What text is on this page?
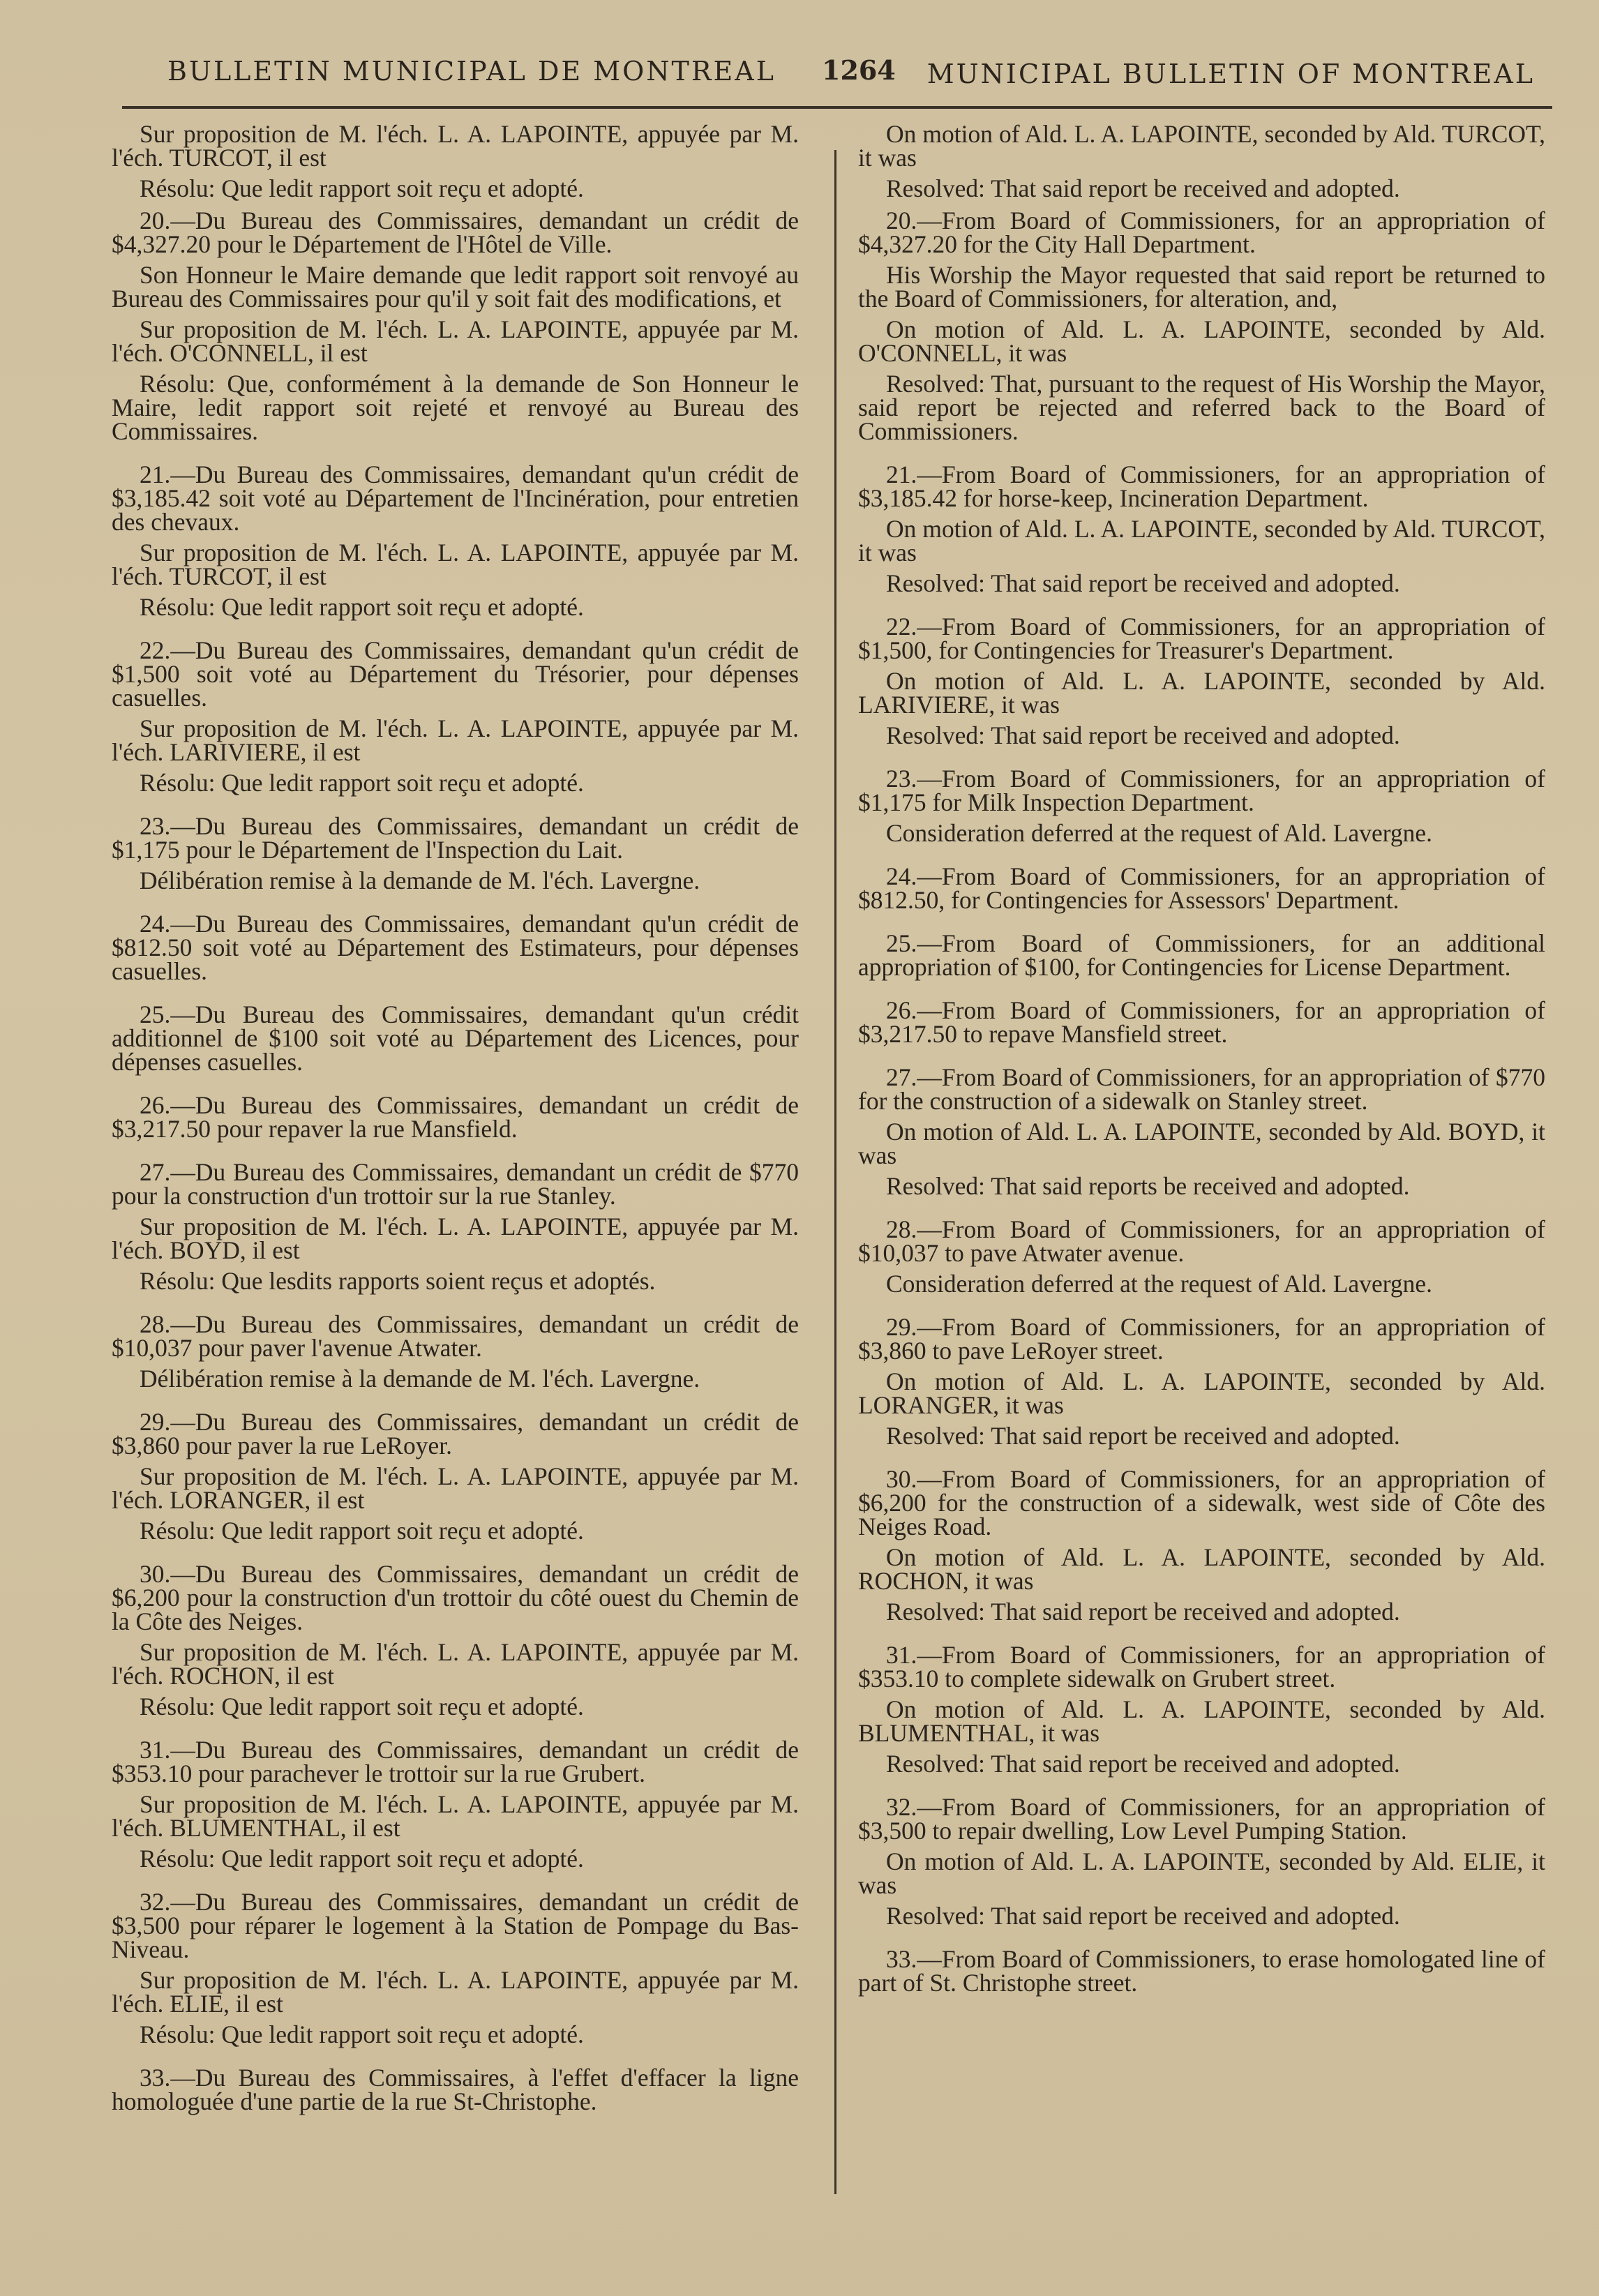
BULLETIN MUNICIPAL DE MONTREAL 1264 MUNICIPAL BULLETIN OF MONTREAL

Sur proposition de M. l'éch. L. A. LAPOINTE, appuyée par M. l'éch. TURCOT, il est

Résolu: Que ledit rapport soit reçu et adopté.

20.—Du Bureau des Commissaires, demandant un crédit de $4,327.20 pour le Département de l'Hôtel de Ville.

Son Honneur le Maire demande que ledit rapport soit renvoyé au Bureau des Commissaires pour qu'il y soit fait des modifications, et

Sur proposition de M. l'éch. L. A. LAPOINTE, appuyée par M. l'éch. O'CONNELL, il est

Résolu: Que, conformément à la demande de Son Honneur le Maire, ledit rapport soit rejeté et renvoyé au Bureau des Commissaires.

21.—Du Bureau des Commissaires, demandant qu'un crédit de $3,185.42 soit voté au Département de l'Incinération, pour entretien des chevaux.

Sur proposition de M. l'éch. L. A. LAPOINTE, appuyée par M. l'éch. TURCOT, il est

Résolu: Que ledit rapport soit reçu et adopté.

22.—Du Bureau des Commissaires, demandant qu'un crédit de $1,500 soit voté au Département du Trésorier, pour dépenses casuelles.

Sur proposition de M. l'éch. L. A. LAPOINTE, appuyée par M. l'éch. LARIVIERE, il est

Résolu: Que ledit rapport soit reçu et adopté.

23.—Du Bureau des Commissaires, demandant un crédit de $1,175 pour le Département de l'Inspection du Lait.

Délibération remise à la demande de M. l'éch. Lavergne.

24.—Du Bureau des Commissaires, demandant qu'un crédit de $812.50 soit voté au Département des Estimateurs, pour dépenses casuelles.

25.—Du Bureau des Commissaires, demandant qu'un crédit additionnel de $100 soit voté au Département des Licences, pour dépenses casuelles.

26.—Du Bureau des Commissaires, demandant un crédit de $3,217.50 pour repaver la rue Mansfield.

27.—Du Bureau des Commissaires, demandant un crédit de $770 pour la construction d'un trottoir sur la rue Stanley.

Sur proposition de M. l'éch. L. A. LAPOINTE, appuyée par M. l'éch. BOYD, il est

Résolu: Que lesdits rapports soient reçus et adoptés.

28.—Du Bureau des Commissaires, demandant un crédit de $10,037 pour paver l'avenue Atwater.

Délibération remise à la demande de M. l'éch. Lavergne.

29.—Du Bureau des Commissaires, demandant un crédit de $3,860 pour paver la rue LeRoyer.

Sur proposition de M. l'éch. L. A. LAPOINTE, appuyée par M. l'éch. LORANGER, il est

Résolu: Que ledit rapport soit reçu et adopté.

30.—Du Bureau des Commissaires, demandant un crédit de $6,200 pour la construction d'un trottoir du côté ouest du Chemin de la Côte des Neiges.

Sur proposition de M. l'éch. L. A. LAPOINTE, appuyée par M. l'éch. ROCHON, il est

Résolu: Que ledit rapport soit reçu et adopté.

31.—Du Bureau des Commissaires, demandant un crédit de $353.10 pour parachever le trottoir sur la rue Grubert.

Sur proposition de M. l'éch. L. A. LAPOINTE, appuyée par M. l'éch. BLUMENTHAL, il est

Résolu: Que ledit rapport soit reçu et adopté.

32.—Du Bureau des Commissaires, demandant un crédit de $3,500 pour réparer le logement à la Station de Pompage du Bas-Niveau.

Sur proposition de M. l'éch. L. A. LAPOINTE, appuyée par M. l'éch. ELIE, il est

Résolu: Que ledit rapport soit reçu et adopté.

33.—Du Bureau des Commissaires, à l'effet d'effacer la ligne homologuée d'une partie de la rue St-Christophe.

On motion of Ald. L. A. LAPOINTE, seconded by Ald. TURCOT, it was

Resolved: That said report be received and adopted.

20.—From Board of Commissioners, for an appropriation of $4,327.20 for the City Hall Department.

His Worship the Mayor requested that said report be returned to the Board of Commissioners, for alteration, and,

On motion of Ald. L. A. LAPOINTE, seconded by Ald. O'CONNELL, it was

Resolved: That, pursuant to the request of His Worship the Mayor, said report be rejected and referred back to the Board of Commissioners.

21.—From Board of Commissioners, for an appropriation of $3,185.42 for horse-keep, Incineration Department.

On motion of Ald. L. A. LAPOINTE, seconded by Ald. TURCOT, it was

Resolved: That said report be received and adopted.

22.—From Board of Commissioners, for an appropriation of $1,500, for Contingencies for Treasurer's Department.

On motion of Ald. L. A. LAPOINTE, seconded by Ald. LARIVIERE, it was

Resolved: That said report be received and adopted.

23.—From Board of Commissioners, for an appropriation of $1,175 for Milk Inspection Department.

Consideration deferred at the request of Ald. Lavergne.

24.—From Board of Commissioners, for an appropriation of $812.50, for Contingencies for Assessors' Department.

25.—From Board of Commissioners, for an additional appropriation of $100, for Contingencies for License Department.

26.—From Board of Commissioners, for an appropriation of $3,217.50 to repave Mansfield street.

27.—From Board of Commissioners, for an appropriation of $770 for the construction of a sidewalk on Stanley street.

On motion of Ald. L. A. LAPOINTE, seconded by Ald. BOYD, it was

Resolved: That said reports be received and adopted.

28.—From Board of Commissioners, for an appropriation of $10,037 to pave Atwater avenue.

Consideration deferred at the request of Ald. Lavergne.

29.—From Board of Commissioners, for an appropriation of $3,860 to pave LeRoyer street.

On motion of Ald. L. A. LAPOINTE, seconded by Ald. LORANGER, it was

Resolved: That said report be received and adopted.

30.—From Board of Commissioners, for an appropriation of $6,200 for the construction of a sidewalk, west side of Côte des Neiges Road.

On motion of Ald. L. A. LAPOINTE, seconded by Ald. ROCHON, it was

Resolved: That said report be received and adopted.

31.—From Board of Commissioners, for an appropriation of $353.10 to complete sidewalk on Grubert street.

On motion of Ald. L. A. LAPOINTE, seconded by Ald. BLUMENTHAL, it was

Resolved: That said report be received and adopted.

32.—From Board of Commissioners, for an appropriation of $3,500 to repair dwelling, Low Level Pumping Station.

On motion of Ald. L. A. LAPOINTE, seconded by Ald. ELIE, it was

Resolved: That said report be received and adopted.

33.—From Board of Commissioners, to erase homologated line of part of St. Christophe street.
